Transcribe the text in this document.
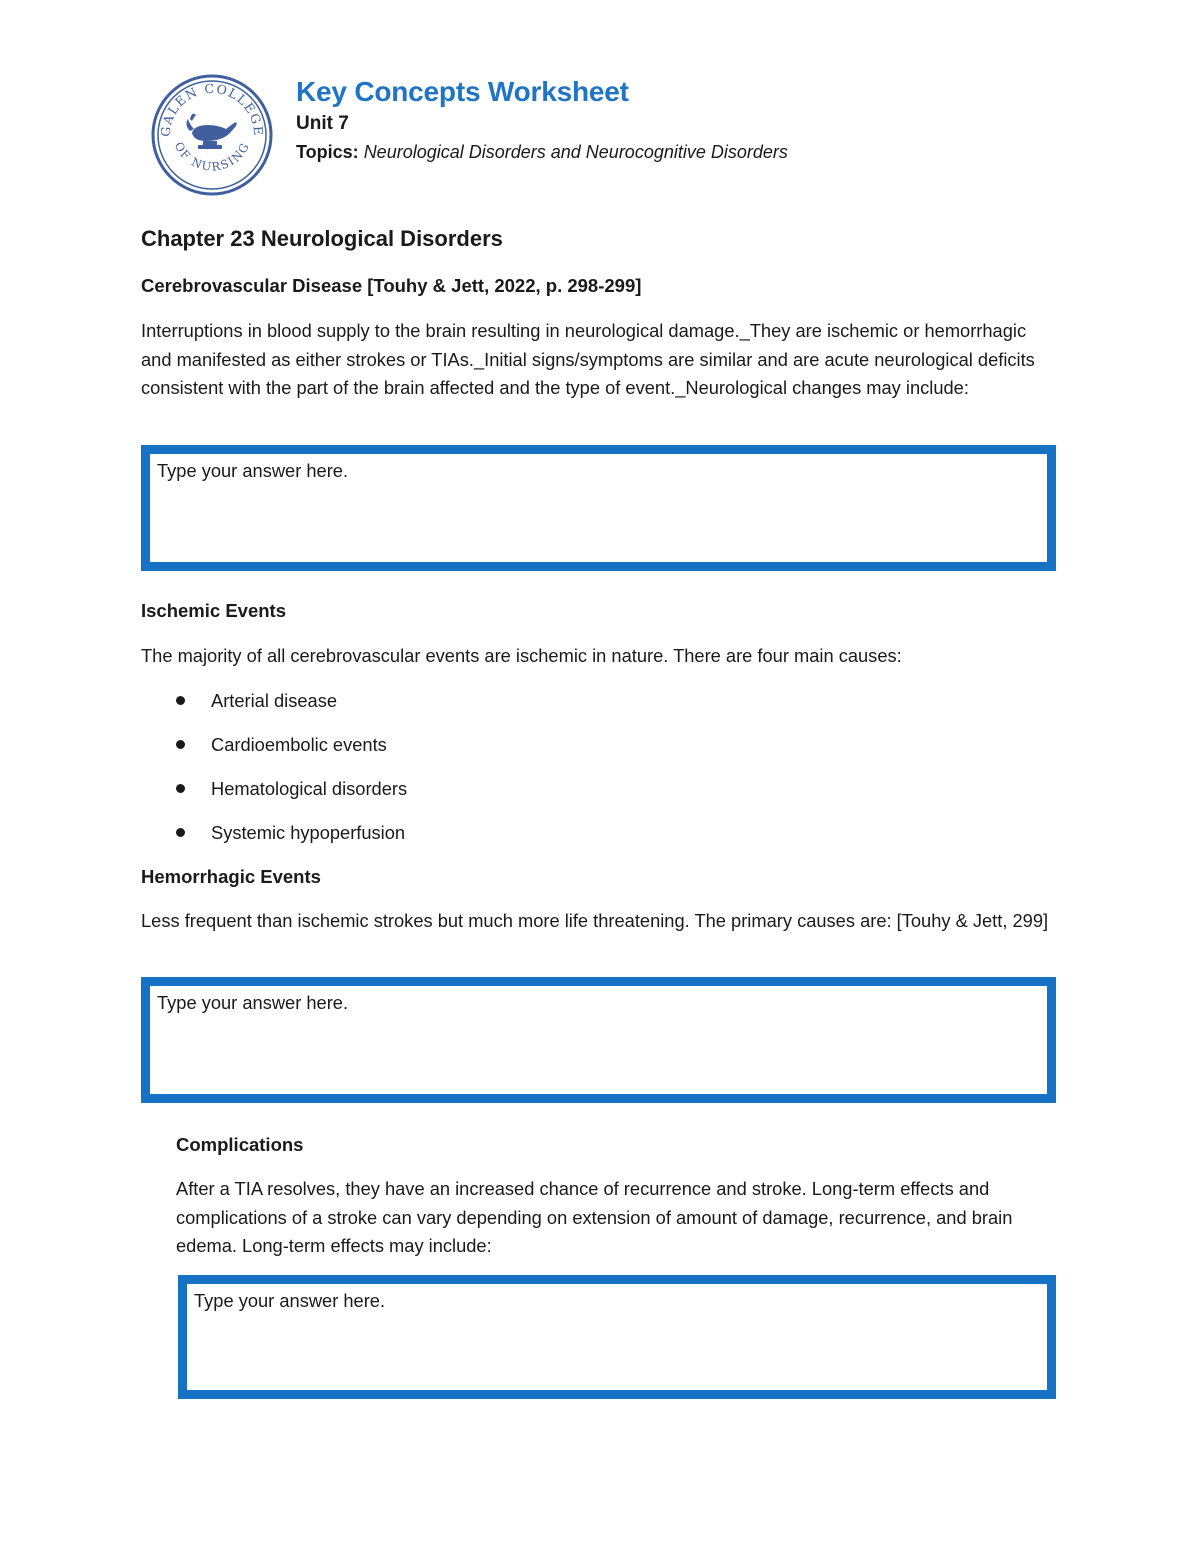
GALEN COLLEGE
OF NURSING
Key Concepts Worksheet
Unit 7
Topics: Neurological Disorders and Neurocognitive Disorders
Chapter 23 Neurological Disorders
Cerebrovascular Disease [Touhy & Jett, 2022, p. 298-299]
Interruptions in blood supply to the brain resulting in neurological damage._They are ischemic or hemorrhagic and manifested as either strokes or TIAs._Initial signs/symptoms are similar and are acute neurological deficits consistent with the part of the brain affected and the type of event._Neurological changes may include:
Type your answer here.
Ischemic Events
The majority of all cerebrovascular events are ischemic in nature. There are four main causes:
Arterial disease
Cardioembolic events
Hematological disorders
Systemic hypoperfusion
Hemorrhagic Events
Less frequent than ischemic strokes but much more life threatening. The primary causes are: [Touhy & Jett, 299]
Type your answer here.
Complications
After a TIA resolves, they have an increased chance of recurrence and stroke. Long-term effects and complications of a stroke can vary depending on extension of amount of damage, recurrence, and brain edema. Long-term effects may include:
Type your answer here.
